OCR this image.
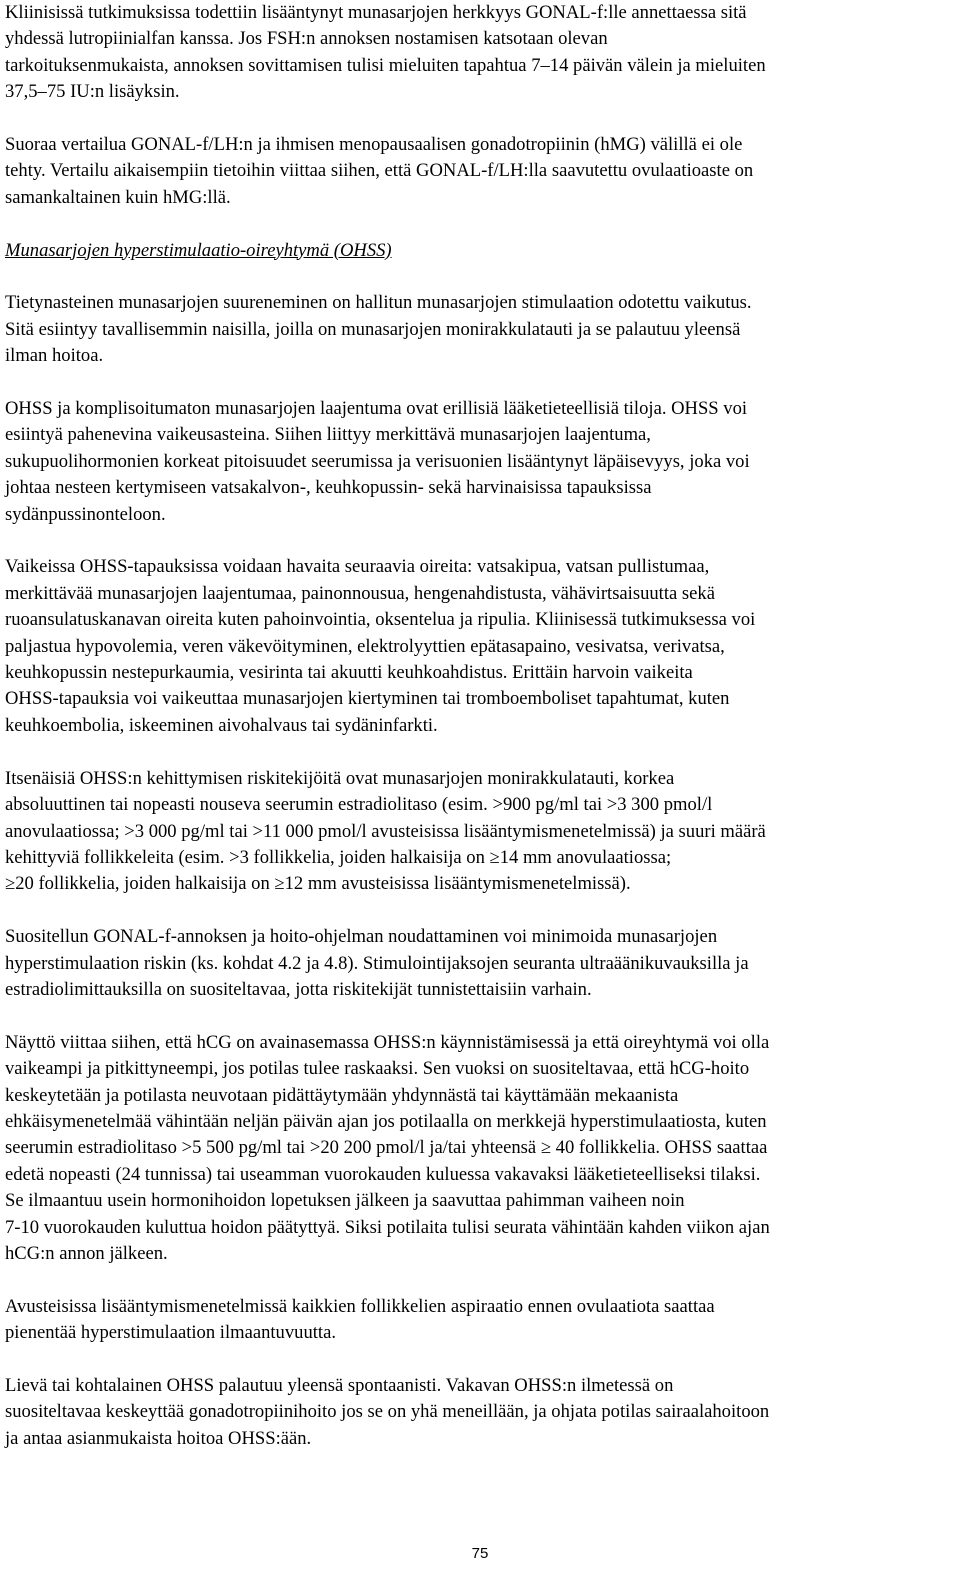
Kliinisissä tutkimuksissa todettiin lisääntynyt munasarjojen herkkyys GONAL-f:lle annettaessa sitä
yhdessä lutropiinialfan kanssa. Jos FSH:n annoksen nostamisen katsotaan olevan
tarkoituksenmukaista, annoksen sovittamisen tulisi mieluiten tapahtua 7–14 päivän välein ja mieluiten
37,5–75 IU:n lisäyksin.

Suoraa vertailua GONAL-f/LH:n ja ihmisen menopausaalisen gonadotropiinin (hMG) välillä ei ole
tehty. Vertailu aikaisempiin tietoihin viittaa siihen, että GONAL-f/LH:lla saavutettu ovulaatioaste on
samankaltainen kuin hMG:llä.

Munasarjojen hyperstimulaatio-oireyhtymä (OHSS)

Tietynasteinen munasarjojen suureneminen on hallitun munasarjojen stimulaation odotettu vaikutus.
Sitä esiintyy tavallisemmin naisilla, joilla on munasarjojen monirakkulatauti ja se palautuu yleensä
ilman hoitoa.

OHSS ja komplisoitumaton munasarjojen laajentuma ovat erillisiä lääketieteellisiä tiloja. OHSS voi
esiintyä pahenevina vaikeusasteina. Siihen liittyy merkittävä munasarjojen laajentuma,
sukupuolihormonien korkeat pitoisuudet seerumissa ja verisuonien lisääntynyt läpäisevyys, joka voi
johtaa nesteen kertymiseen vatsakalvon-, keuhkopussin- sekä harvinaisissa tapauksissa
sydänpussinonteloon.

Vaikeissa OHSS-tapauksissa voidaan havaita seuraavia oireita: vatsakipua, vatsan pullistumaa,
merkittävää munasarjojen laajentumaa, painonnousua, hengenahdistusta, vähävirtsaisuutta sekä
ruoansulatuskanavan oireita kuten pahoinvointia, oksentelua ja ripulia. Kliinisessä tutkimuksessa voi
paljastua hypovolemia, veren väkevöityminen, elektrolyyttien epätasapaino, vesivatsa, verivatsa,
keuhkopussin nestepurkaumia, vesirinta tai akuutti keuhkoahdistus. Erittäin harvoin vaikeita
OHSS-tapauksia voi vaikeuttaa munasarjojen kiertyminen tai tromboemboliset tapahtumat, kuten
keuhkoembolia, iskeeminen aivohalvaus tai sydäninfarkti.

Itsenäisiä OHSS:n kehittymisen riskitekijöitä ovat munasarjojen monirakkulatauti, korkea
absoluuttinen tai nopeasti nouseva seerumin estradiolitaso (esim. >900 pg/ml tai >3 300 pmol/l
anovulaatiossa; >3 000 pg/ml tai >11 000 pmol/l avusteisissa lisääntymismenetelmissä) ja suuri määrä
kehittyviä follikkeleita (esim. >3 follikkelia, joiden halkaisija on ≥14 mm anovulaatiossa;
≥20 follikkelia, joiden halkaisija on ≥12 mm avusteisissa lisääntymismenetelmissä).

Suositellun GONAL-f-annoksen ja hoito-ohjelman noudattaminen voi minimoida munasarjojen
hyperstimulaation riskin (ks. kohdat 4.2 ja 4.8). Stimulointijaksojen seuranta ultraäänikuvauksilla ja
estradiolimittauksilla on suositeltavaa, jotta riskitekijät tunnistettaisiin varhain.

Näyttö viittaa siihen, että hCG on avainasemassa OHSS:n käynnistämisessä ja että oireyhtymä voi olla
vaikeampi ja pitkittyneempi, jos potilas tulee raskaaksi. Sen vuoksi on suositeltavaa, että hCG-hoito
keskeytetään ja potilasta neuvotaan pidättäytymään yhdynnästä tai käyttämään mekaanista
ehkäisymenetelmää vähintään neljän päivän ajan jos potilaalla on merkkejä hyperstimulaatiosta, kuten
seerumin estradiolitaso >5 500 pg/ml tai >20 200 pmol/l ja/tai yhteensä ≥ 40 follikkelia. OHSS saattaa
edetä nopeasti (24 tunnissa) tai useamman vuorokauden kuluessa vakavaksi lääketieteelliseksi tilaksi.
Se ilmaantuu usein hormonihoidon lopetuksen jälkeen ja saavuttaa pahimman vaiheen noin
7-10 vuorokauden kuluttua hoidon päätyttyä. Siksi potilaita tulisi seurata vähintään kahden viikon ajan
hCG:n annon jälkeen.

Avusteisissa lisääntymismenetelmissä kaikkien follikkelien aspiraatio ennen ovulaatiota saattaa
pienentää hyperstimulaation ilmaantuvuutta.

Lievä tai kohtalainen OHSS palautuu yleensä spontaanisti. Vakavan OHSS:n ilmetessä on
suositeltavaa keskeyttää gonadotropiinihoito jos se on yhä meneillään, ja ohjata potilas sairaalahoitoon
ja antaa asianmukaista hoitoa OHSS:ään.

75
